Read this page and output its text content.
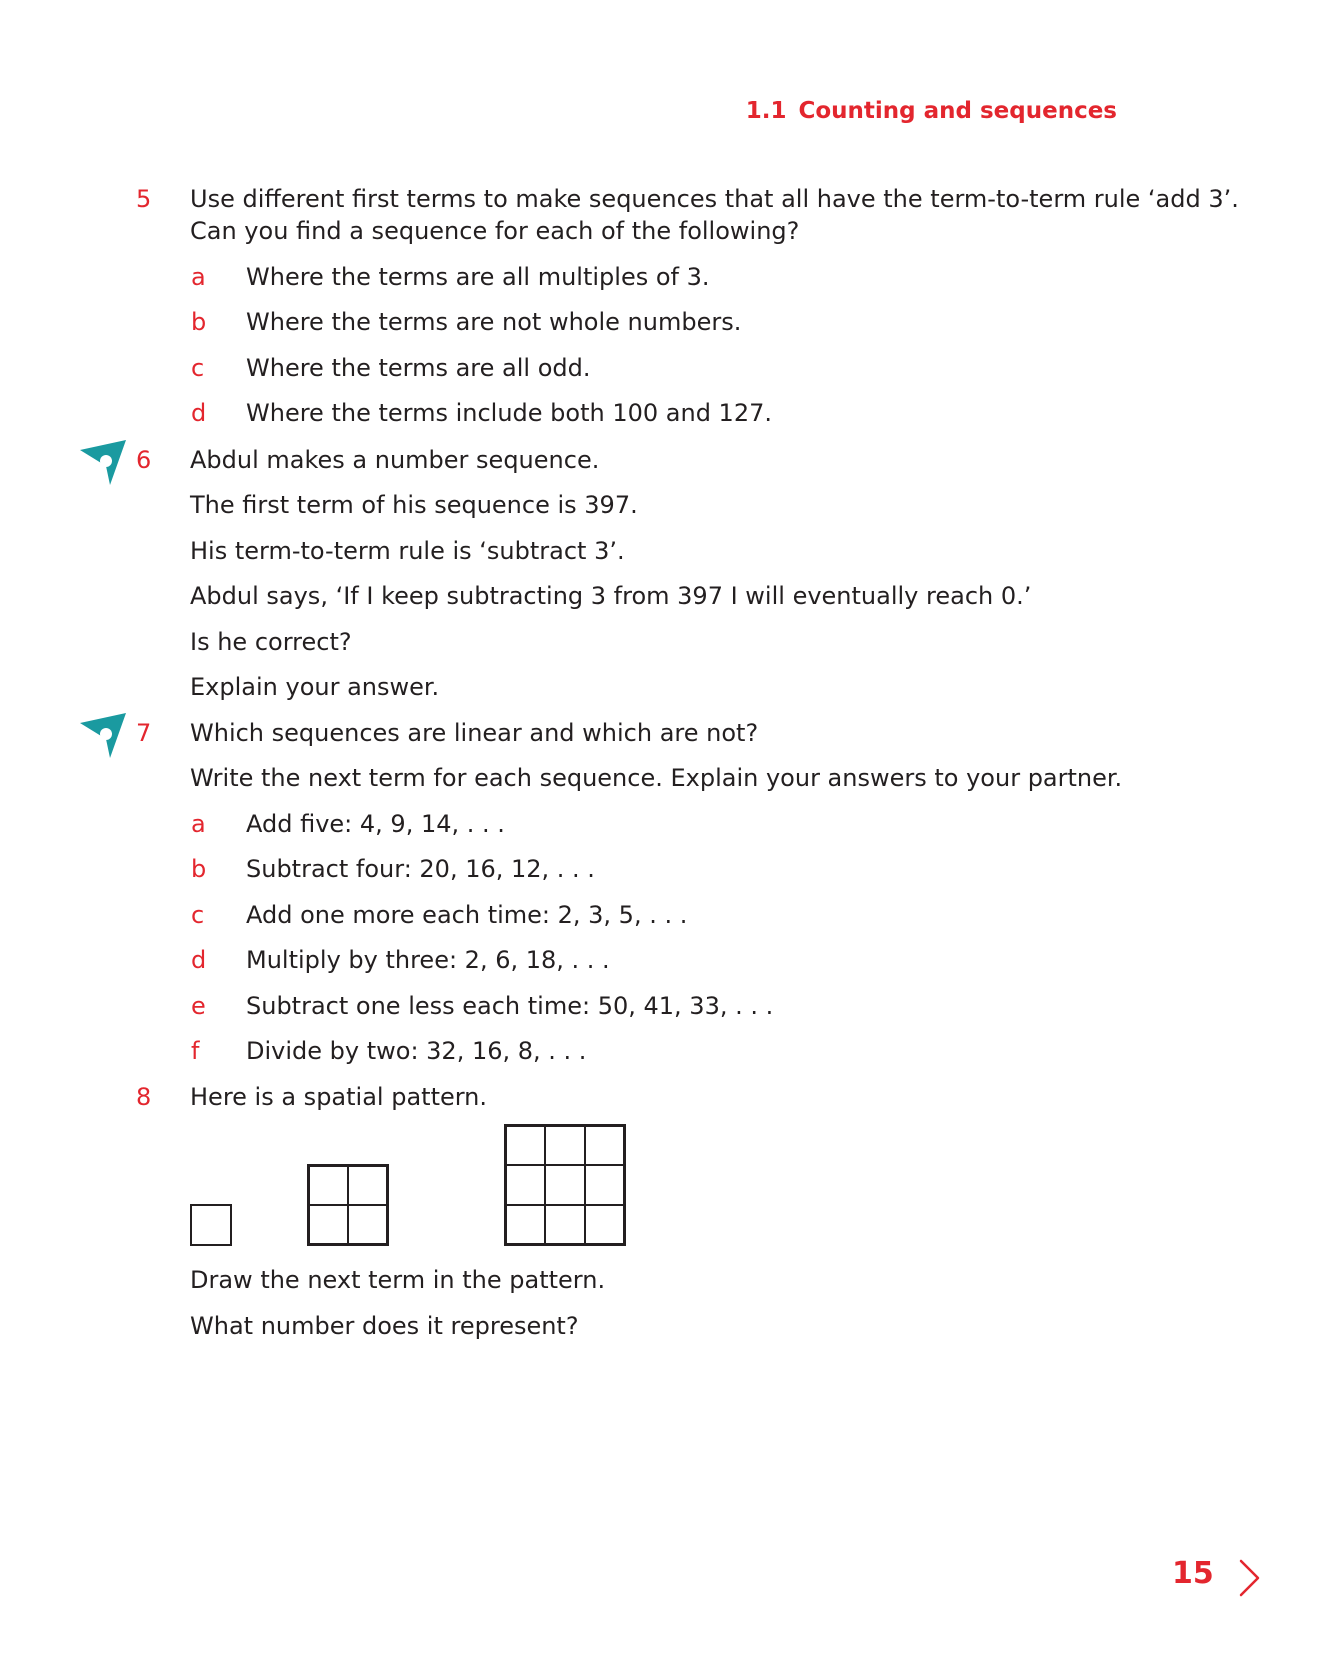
1.1 Counting and sequences
5 Use different first terms to make sequences that all have the term-to-term rule ‘add 3’.
Can you find a sequence for each of the following?
a Where the terms are all multiples of 3.
b Where the terms are not whole numbers.
c Where the terms are all odd.
d Where the terms include both 100 and 127.
6 Abdul makes a number sequence.
The first term of his sequence is 397.
His term-to-term rule is ‘subtract 3’.
Abdul says, ‘If I keep subtracting 3 from 397 I will eventually reach 0.’
Is he correct?
Explain your answer.
7 Which sequences are linear and which are not?
Write the next term for each sequence. Explain your answers to your partner.
a Add five: 4, 9, 14, . . .
b Subtract four: 20, 16, 12, . . .
c Add one more each time: 2, 3, 5, . . .
d Multiply by three: 2, 6, 18, . . .
e Subtract one less each time: 50, 41, 33, . . .
f Divide by two: 32, 16, 8, . . .
8 Here is a spatial pattern.
Draw the next term in the pattern.
What number does it represent?
15
